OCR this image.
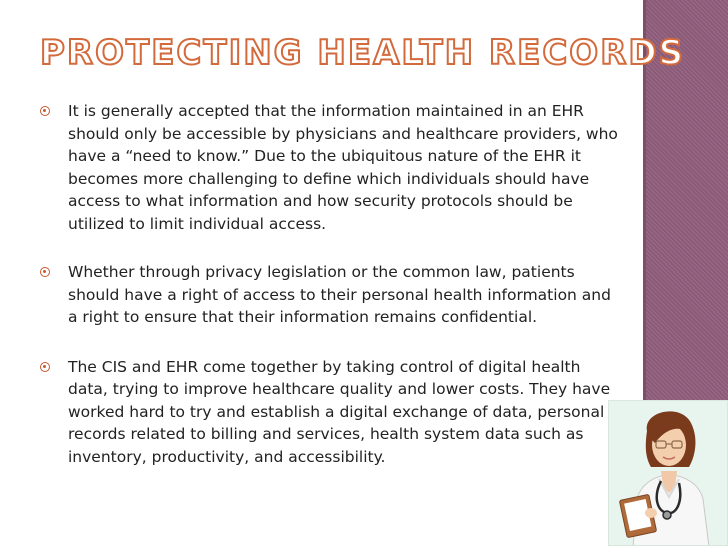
PROTECTING HEALTH RECORDS
It is generally accepted that the information maintained in an EHR should only be accessible by physicians and healthcare providers, who have a “need to know.” Due to the ubiquitous nature of the EHR it becomes more challenging to define which individuals should have access to what information and how security protocols should be utilized to limit individual access.
Whether through privacy legislation or the common law, patients should have a right of access to their personal health information and a right to ensure that their information remains confidential.
The CIS and EHR come together by taking control of digital health data, trying to improve healthcare quality and lower costs. They have worked hard to try and establish a digital exchange of data, personal records related to billing and services, health system data such as inventory, productivity, and accessibility.
